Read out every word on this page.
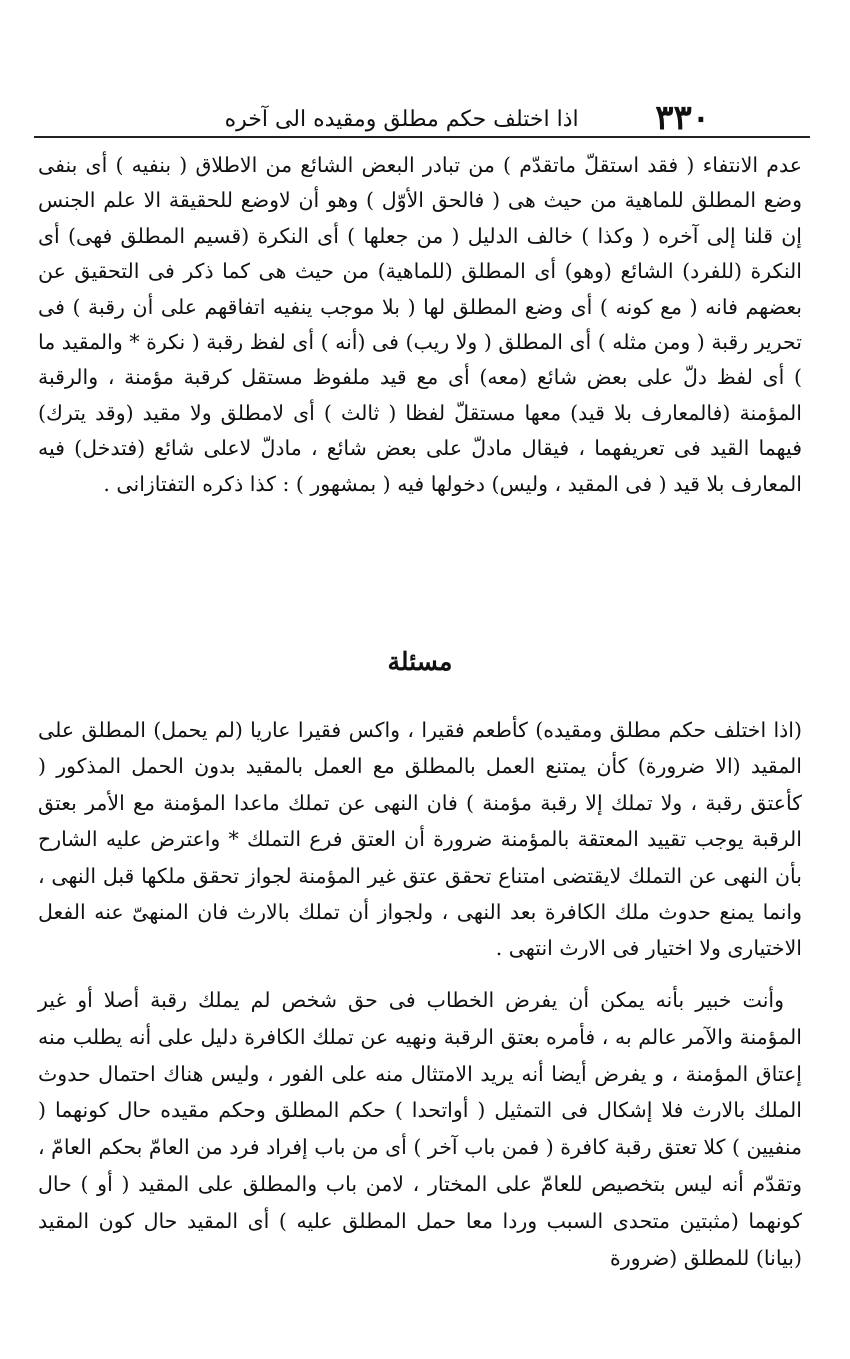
٣٣٠
اذا اختلف حكم مطلق ومقيده الى آخره

عدم الانتفاء ( فقد استقلّ ماتقدّم ) من تبادر البعض الشائع من الاطلاق ( بنفيه ) أى بنفى وضع المطلق للماهية من حيث هى ( فالحق الأوّل ) وهو أن لاوضع للحقيقة الا علم الجنس إن قلنا إلى آخره ( وكذا ) خالف الدليل ( من جعلها ) أى النكرة (قسيم المطلق فهى) أى النكرة (للفرد) الشائع (وهو) أى المطلق (للماهية) من حيث هى كما ذكر فى التحقيق عن بعضهم فانه ( مع كونه ) أى وضع المطلق لها ( بلا موجب ينفيه اتفاقهم على أن رقبة ) فى تحرير رقبة ( ومن مثله ) أى المطلق ( ولا ريب) فى (أنه ) أى لفظ رقبة ( نكرة * والمقيد ما ) أى لفظ دلّ على بعض شائع (معه) أى مع قيد ملفوظ مستقل كرقبة مؤمنة ، والرقبة المؤمنة (فالمعارف بلا قيد) معها مستقلّ لفظا ( ثالث ) أى لامطلق ولا مقيد (وقد يترك) فيهما القيد فى تعريفهما ، فيقال مادلّ على بعض شائع ، مادلّ لاعلى شائع (فتدخل) فيه المعارف بلا قيد ( فى المقيد ، وليس) دخولها فيه ( بمشهور ) : كذا ذكره التفتازانى .

مسئلة

(اذا اختلف حكم مطلق ومقيده) كأطعم فقيرا ، واكس فقيرا عاريا (لم يحمل) المطلق على المقيد (الا ضرورة) كأن يمتنع العمل بالمطلق مع العمل بالمقيد بدون الحمل المذكور ( كأعتق رقبة ، ولا تملك إلا رقبة مؤمنة ) فان النهى عن تملك ماعدا المؤمنة مع الأمر بعتق الرقبة يوجب تقييد المعتقة بالمؤمنة ضرورة أن العتق فرع التملك * واعترض عليه الشارح بأن النهى عن التملك لايقتضى امتناع تحقق عتق غير المؤمنة لجواز تحقق ملكها قبل النهى ، وانما يمنع حدوث ملك الكافرة بعد النهى ، ولجواز أن تملك بالارث فان المنهىّ عنه الفعل الاختيارى ولا اختيار فى الارث انتهى .

وأنت خبير بأنه يمكن أن يفرض الخطاب فى حق شخص لم يملك رقبة أصلا أو غير المؤمنة والآمر عالم به ، فأمره بعتق الرقبة ونهيه عن تملك الكافرة دليل على أنه يطلب منه إعتاق المؤمنة ، و يفرض أيضا أنه يريد الامتثال منه على الفور ، وليس هناك احتمال حدوث الملك بالارث فلا إشكال فى التمثيل ( أواتحدا ) حكم المطلق وحكم مقيده حال كونهما ( منفيين ) كلا تعتق رقبة كافرة ( فمن باب آخر ) أى من باب إفراد فرد من العامّ بحكم العامّ ، وتقدّم أنه ليس بتخصيص للعامّ على المختار ، لامن باب والمطلق على المقيد ( أو ) حال كونهما (مثبتين متحدى السبب وردا معا حمل المطلق عليه ) أى المقيد حال كون المقيد (بيانا) للمطلق (ضرورة
